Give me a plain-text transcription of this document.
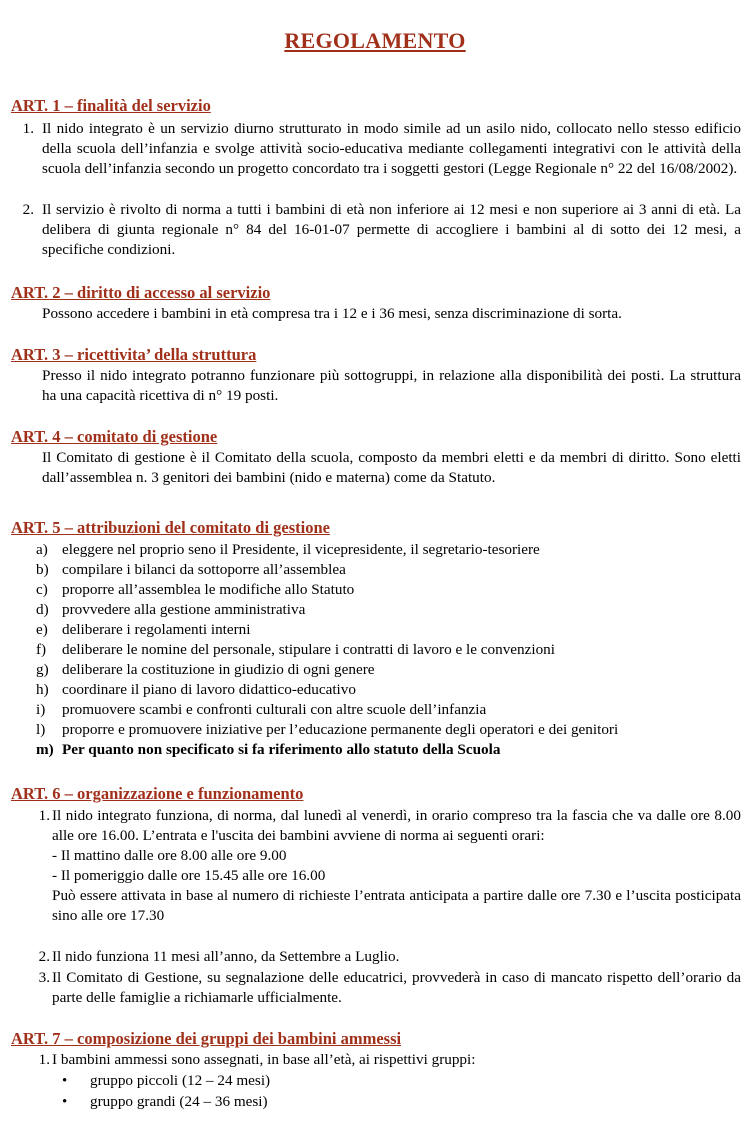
REGOLAMENTO
ART. 1 – finalità del servizio
1. Il nido integrato è un servizio diurno strutturato in modo simile ad un asilo nido, collocato nello stesso edificio della scuola dell’infanzia e svolge attività socio-educativa mediante collegamenti integrativi con le attività della scuola dell’infanzia secondo un progetto concordato tra i soggetti gestori (Legge Regionale n° 22 del 16/08/2002).
2. Il servizio è rivolto di norma a tutti i bambini di età non inferiore ai 12 mesi e non superiore ai 3 anni di età. La delibera di giunta regionale n° 84 del 16-01-07 permette di accogliere i bambini al di sotto dei 12 mesi, a specifiche condizioni.
ART. 2 – diritto di accesso al servizio
Possono accedere i bambini in età compresa tra i 12 e i 36 mesi, senza discriminazione di sorta.
ART. 3 – ricettivita’ della struttura
Presso il nido integrato potranno funzionare più sottogruppi, in relazione alla disponibilità dei posti. La struttura ha una capacità ricettiva di n° 19 posti.
ART. 4 – comitato di gestione
Il Comitato di gestione è il Comitato della scuola, composto da membri eletti e da membri di diritto. Sono eletti dall’assemblea n. 3 genitori dei bambini (nido e materna) come da Statuto.
ART. 5 – attribuzioni del comitato di gestione
a) eleggere nel proprio seno il Presidente, il vicepresidente, il segretario-tesoriere
b) compilare i bilanci da sottoporre all’assemblea
c) proporre all’assemblea le modifiche allo Statuto
d) provvedere alla gestione amministrativa
e) deliberare i regolamenti interni
f) deliberare le nomine del personale, stipulare i contratti di lavoro e le convenzioni
g) deliberare la costituzione in giudizio di ogni genere
h) coordinare il piano di lavoro didattico-educativo
i) promuovere scambi e confronti culturali con altre scuole dell’infanzia
l) proporre e promuovere iniziative per l’educazione permanente degli operatori e dei genitori
m) Per quanto non specificato si fa riferimento allo statuto della Scuola
ART. 6 – organizzazione e funzionamento
1. Il nido integrato funziona, di norma, dal lunedì al venerdì, in orario compreso tra la fascia che va dalle ore 8.00 alle ore 16.00. L’entrata e l'uscita dei bambini avviene di norma ai seguenti orari:
- Il mattino dalle ore 8.00 alle ore 9.00
- Il pomeriggio dalle ore 15.45 alle ore 16.00
Può essere attivata in base al numero di richieste l’entrata anticipata a partire dalle ore 7.30 e l’uscita posticipata sino alle ore 17.30
2. Il nido funziona 11 mesi all’anno, da Settembre a Luglio.
3. Il Comitato di Gestione, su segnalazione delle educatrici, provvederà in caso di mancato rispetto dell’orario da parte delle famiglie a richiamarle ufficialmente.
ART. 7 – composizione dei gruppi dei bambini ammessi
1. I bambini ammessi sono assegnati, in base all’età, ai rispettivi gruppi:
• gruppo piccoli (12 – 24 mesi)
• gruppo grandi (24 – 36 mesi)
